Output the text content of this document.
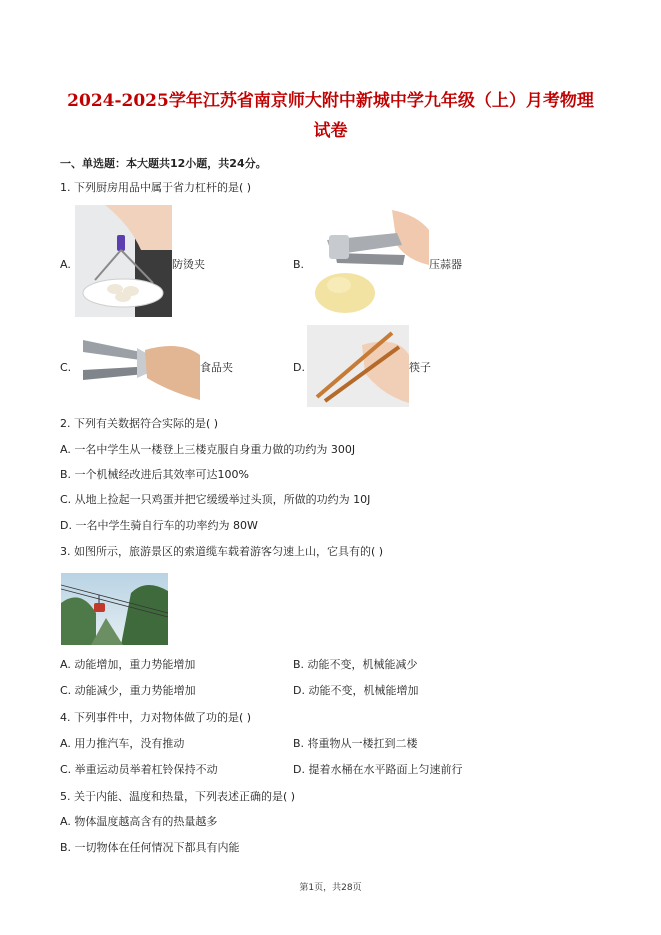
2024-2025学年江苏省南京师大附中新城中学九年级（上）月考物理
试卷
一、单选题：本大题共12小题，共24分。
1. 下列厨房用品中属于省力杠杆的是( )
A.	防烫夹	B.	压蒜器
C.	食品夹	D.	筷子
2. 下列有关数据符合实际的是( )
A. 一名中学生从一楼登上三楼克服自身重力做的功约为 300J
B. 一个机械经改进后其效率可达100%
C. 从地上捡起一只鸡蛋并把它缓缓举过头顶，所做的功约为 10J
D. 一名中学生骑自行车的功率约为 80W
3. 如图所示，旅游景区的索道缆车载着游客匀速上山，它具有的( )
A. 动能增加，重力势能增加	B. 动能不变，机械能减少
C. 动能减少，重力势能增加	D. 动能不变，机械能增加
4. 下列事件中，力对物体做了功的是( )
A. 用力推汽车，没有推动	B. 将重物从一楼扛到二楼
C. 举重运动员举着杠铃保持不动	D. 提着水桶在水平路面上匀速前行
5. 关于内能、温度和热量，下列表述正确的是( )
A. 物体温度越高含有的热量越多
B. 一切物体在任何情况下都具有内能
第1页，共28页
